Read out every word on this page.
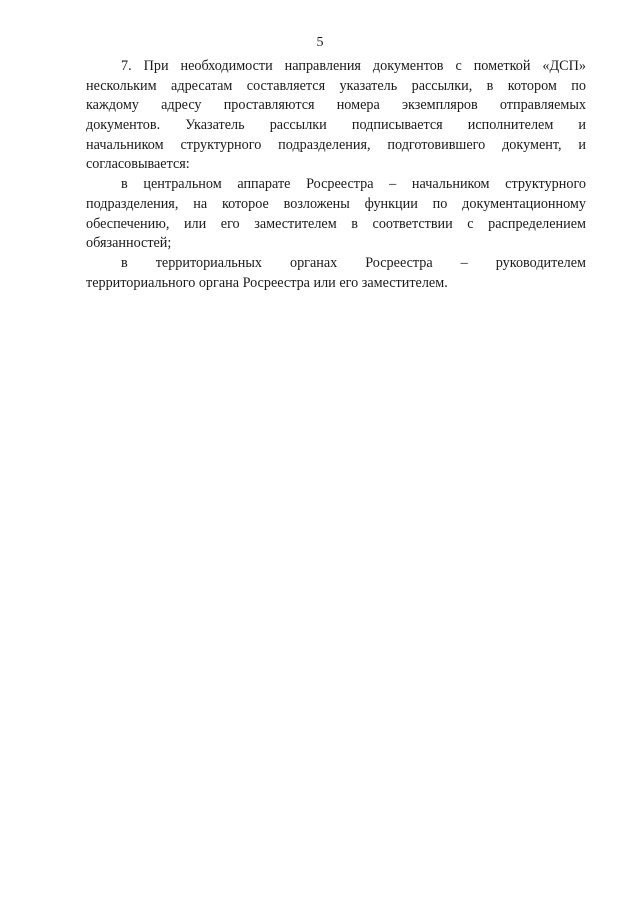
5
7. При необходимости направления документов с пометкой «ДСП»
нескольким адресатам составляется указатель рассылки, в котором по
каждому адресу проставляются номера экземпляров отправляемых
документов. Указатель рассылки подписывается исполнителем и
начальником структурного подразделения, подготовившего документ, и
согласовывается:
в центральном аппарате Росреестра – начальником структурного
подразделения, на которое возложены функции по документационному
обеспечению, или его заместителем в соответствии с распределением
обязанностей;
в территориальных органах Росреестра – руководителем
территориального органа Росреестра или его заместителем.
